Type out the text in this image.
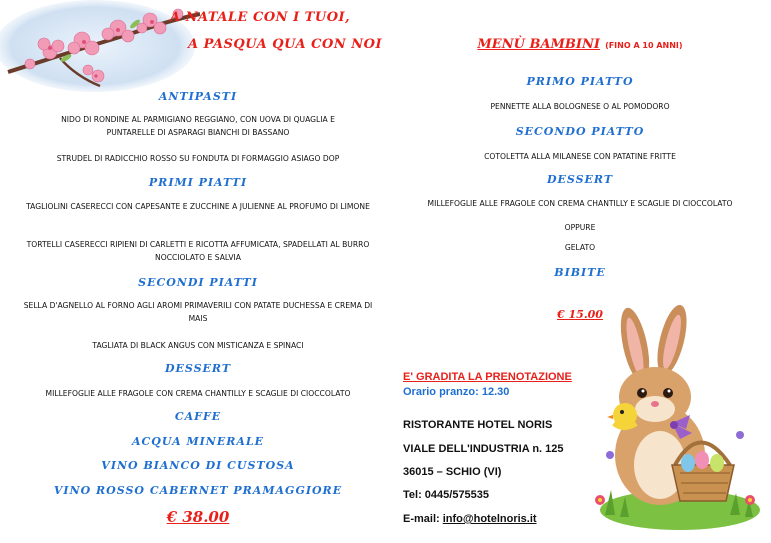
A NATALE CON I TUOI,
A PASQUA QUA CON NOI
ANTIPASTI
NIDO DI RONDINE AL PARMIGIANO REGGIANO, CON UOVA DI QUAGLIA E PUNTARELLE DI ASPARAGI BIANCHI DI BASSANO
STRUDEL DI RADICCHIO ROSSO SU FONDUTA DI FORMAGGIO ASIAGO DOP
PRIMI PIATTI
TAGLIOLINI CASERECCI CON CAPESANTE E ZUCCHINE A JULIENNE AL PROFUMO DI LIMONE
TORTELLI CASERECCI RIPIENI DI CARLETTI E RICOTTA AFFUMICATA, SPADELLATI AL BURRO NOCCIOLATO E SALVIA
SECONDI PIATTI
SELLA D'AGNELLO AL FORNO AGLI AROMI PRIMAVERILI CON PATATE DUCHESSA E CREMA DI MAIS
TAGLIATA DI BLACK ANGUS CON MISTICANZA E SPINACI
DESSERT
MILLEFOGLIE ALLE FRAGOLE CON CREMA CHANTILLY E SCAGLIE DI CIOCCOLATO
CAFFE
ACQUA MINERALE
VINO BIANCO DI CUSTOSA
VINO ROSSO CABERNET PRAMAGGIORE
€ 38.00
MENÙ BAMBINI (FINO A 10 ANNI)
PRIMO PIATTO
PENNETTE ALLA BOLOGNESE O AL POMODORO
SECONDO PIATTO
COTOLETTA ALLA MILANESE CON PATATINE FRITTE
DESSERT
MILLEFOGLIE ALLE FRAGOLE CON CREMA CHANTILLY E SCAGLIE DI CIOCCOLATO
OPPURE
GELATO
BIBITE
€ 15.00
E' GRADITA LA PRENOTAZIONE
Orario pranzo: 12.30
RISTORANTE HOTEL NORIS
VIALE DELL'INDUSTRIA n. 125
36015 – SCHIO (VI)
Tel: 0445/575535
E-mail: info@hotelnoris.it
